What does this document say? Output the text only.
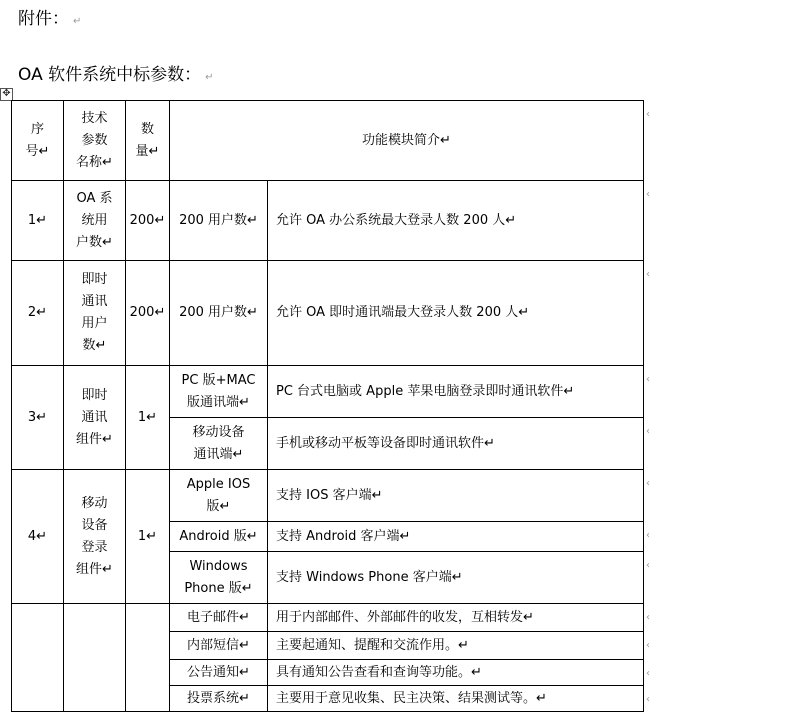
附件： ↵
OA 软件系统中标参数： ↵
✥
序
号↵	技术
参数
名称↵	数
量↵	功能模块简介↵	
1↵	OA 系
统用
户数↵	200↵	200 用户数↵	允许 OA 办公系统最大登录人数 200 人↵
2↵	即时
通讯
用户
数↵	200↵	200 用户数↵	允许 OA 即时通讯端最大登录人数 200 人↵
3↵	即时
通讯
组件↵	1↵	PC 版+MAC
版通讯端↵	PC 台式电脑或 Apple 苹果电脑登录即时通讯软件↵

			移动设备
通讯端↵	手机或移动平板等设备即时通讯软件↵
4↵	移动
设备
登录
组件↵	1↵	Apple IOS
版↵	支持 IOS 客户端↵

			Android 版↵	支持 Android 客户端↵

			Windows
Phone 版↵	支持 Windows Phone 客户端↵

			电子邮件↵	用于内部邮件、外部邮件的收发，互相转发↵

			内部短信↵	主要起通知、提醒和交流作用。↵

			公告通知↵	具有通知公告查看和查询等功能。↵

			投票系统↵	主要用于意见收集、民主决策、结果测试等。↵
‹
‹
‹
‹
‹
‹
‹
‹
‹
‹
‹
‹
